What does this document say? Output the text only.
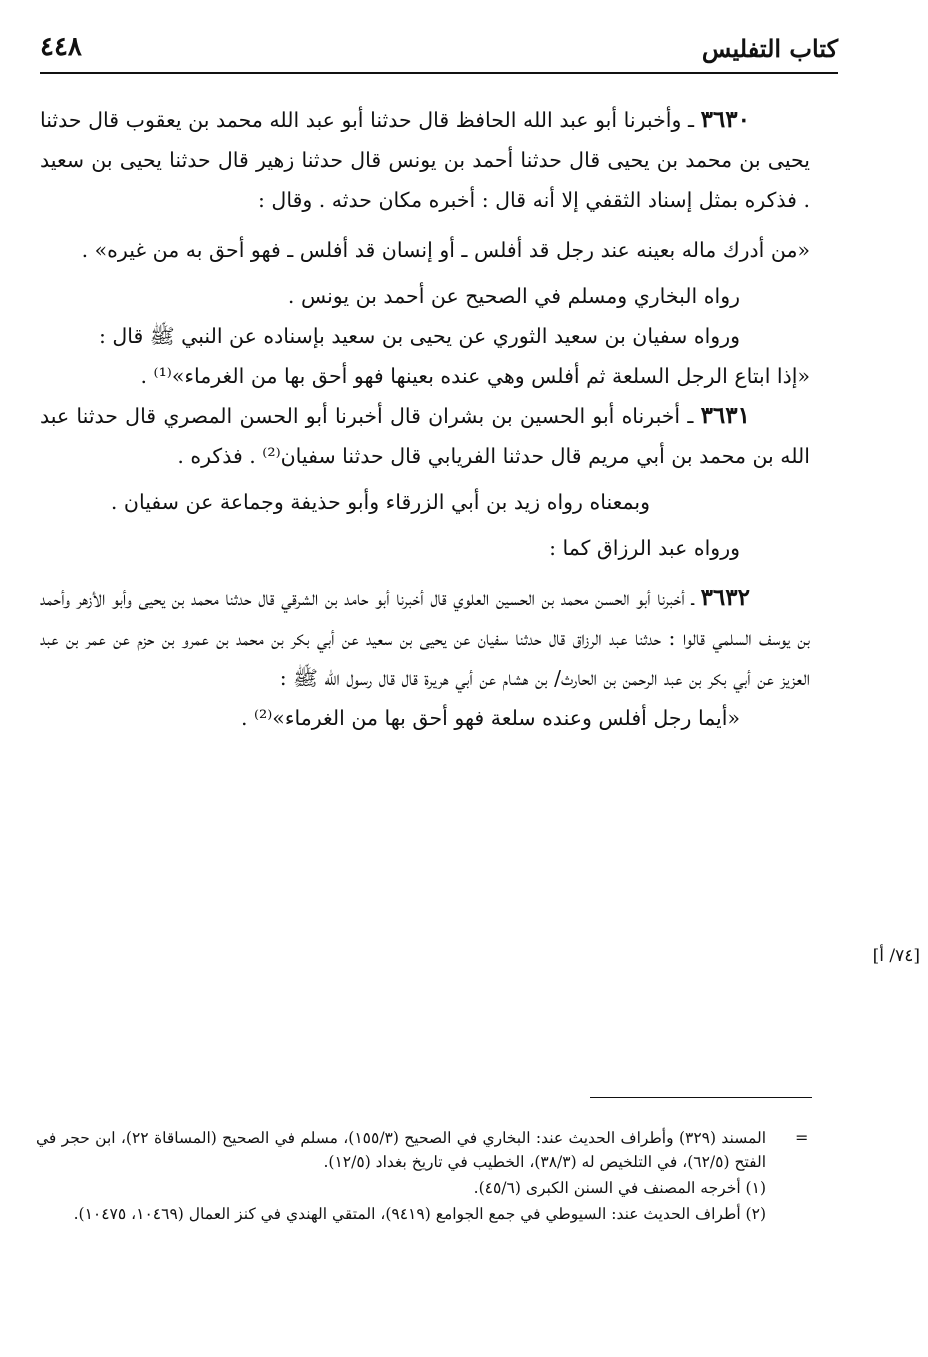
كتاب التفليس
٤٤٨

٣٦٣٠ ـ وأخبرنا أبو عبد الله الحافظ قال حدثنا أبو عبد الله محمد بن يعقوب قال حدثنا يحيى بن محمد بن يحيى قال حدثنا أحمد بن يونس قال حدثنا زهير قال حدثنا يحيى بن سعيد . فذكره بمثل إسناد الثقفي إلا أنه قال : أخبره مكان حدثه . وقال :

«من أدرك ماله بعينه عند رجل قد أفلس ـ أو إنسان قد أفلس ـ فهو أحق به من غيره» .

رواه البخاري ومسلم في الصحيح عن أحمد بن يونس .

ورواه سفيان بن سعيد الثوري عن يحيى بن سعيد بإسناده عن النبي ﷺ قال :

«إذا ابتاع الرجل السلعة ثم أفلس وهي عنده بعينها فهو أحق بها من الغرماء»⁽¹⁾ .

٣٦٣١ ـ أخبرناه أبو الحسين بن بشران قال أخبرنا أبو الحسن المصري قال حدثنا عبد الله بن محمد بن أبي مريم قال حدثنا الفريابي قال حدثنا سفيان⁽²⁾ . فذكره .

وبمعناه رواه زيد بن أبي الزرقاء وأبو حذيفة وجماعة عن سفيان .

ورواه عبد الرزاق كما :

٣٦٣٢ ـ أخبرنا أبو الحسن محمد بن الحسين العلوي قال أخبرنا أبو حامد بن الشرقي قال حدثنا محمد بن يحيى وأبو الأزهر وأحمد بن يوسف السلمي قالوا : حدثنا عبد الرزاق قال حدثنا سفيان عن يحيى بن سعيد عن أبي بكر بن محمد بن عمرو بن حزم عن عمر بن عبد العزيز عن أبي بكر بن عبد الرحمن بن الحارث/ بن هشام عن أبي هريرة قال قال رسول الله ﷺ :

«أيما رجل أفلس وعنده سلعة فهو أحق بها من الغرماء»⁽²⁾ .

[٧٤/ أ]
=

المسند (٣٢٩) وأطراف الحديث عند: البخاري في الصحيح (١٥٥/٣)، مسلم في الصحيح (المساقاة ٢٢)، ابن حجر في الفتح (٦٢/٥)، في التلخيص له (٣٨/٣)، الخطيب في تاريخ بغداد (١٢/٥).

(١) أخرجه المصنف في السنن الكبرى (٤٥/٦).

(٢) أطراف الحديث عند: السيوطي في جمع الجوامع (٩٤١٩)، المتقي الهندي في كنز العمال (١٠٤٦٩، ١٠٤٧٥).
